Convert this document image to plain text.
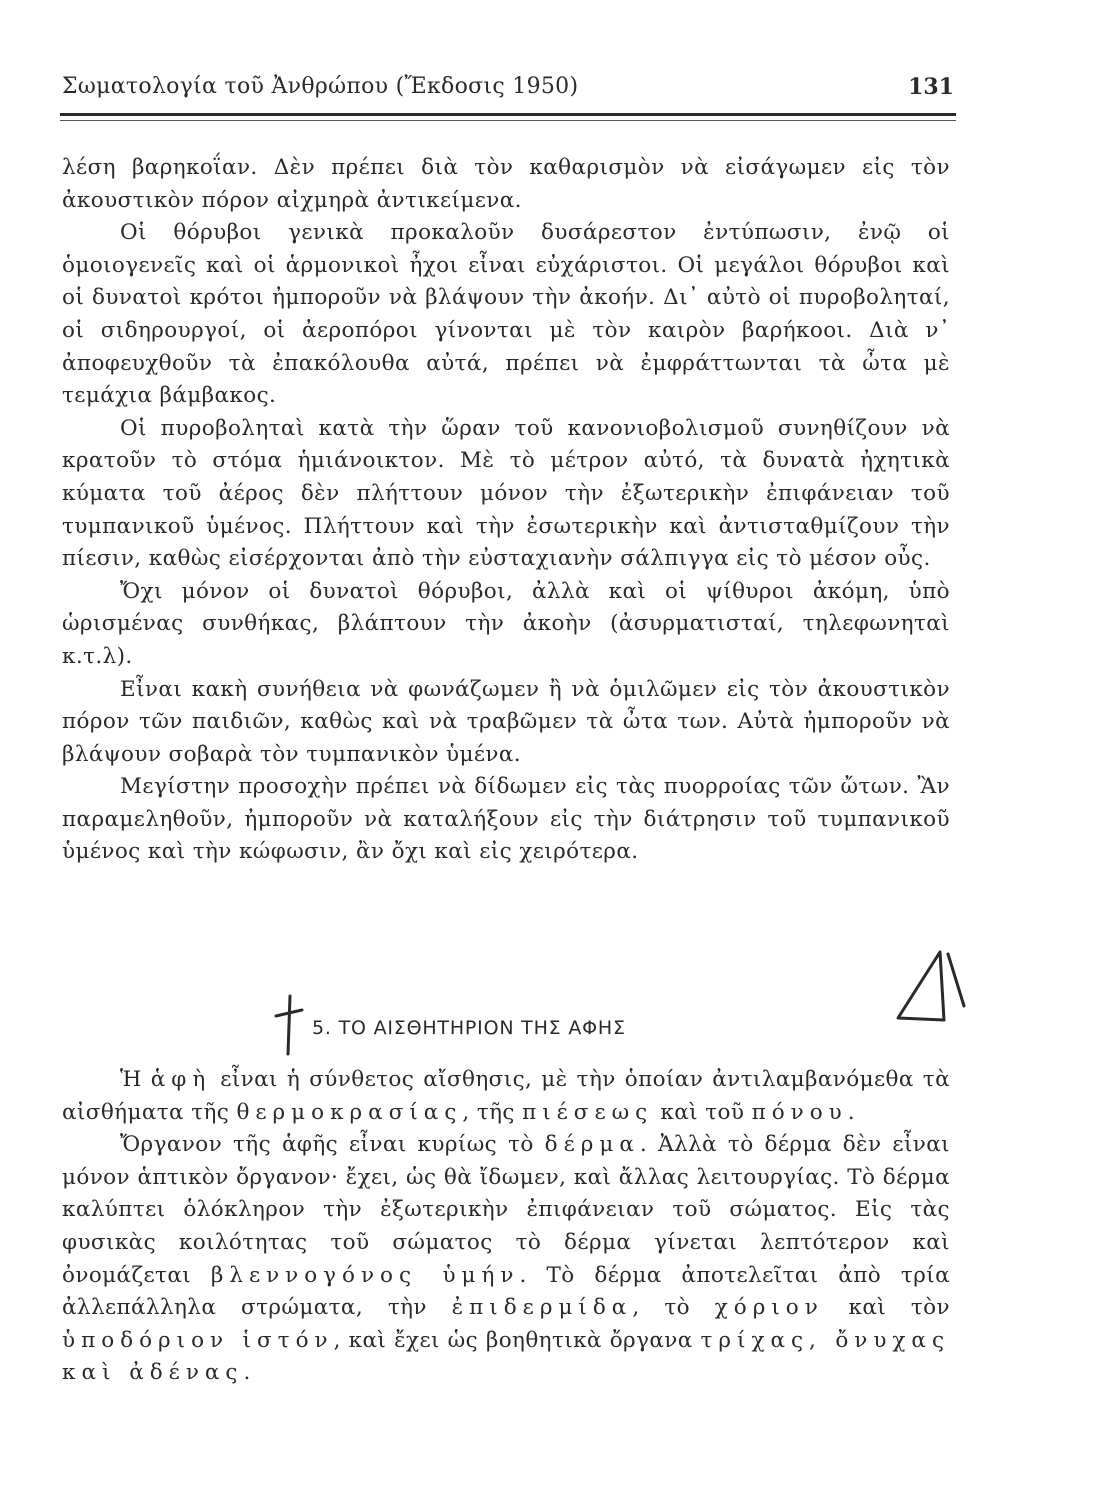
Σωματολογία τοῦ Ἀνθρώπου (Ἔκδοσις 1950)	131

λέση βαρηκοΐαν. Δὲν πρέπει διὰ τὸν καθαρισμὸν νὰ εἰσάγωμεν εἰς τὸν ἀκουστικὸν πόρον αἰχμηρὰ ἀντικείμενα.

Οἱ θόρυβοι γενικὰ προκαλοῦν δυσάρεστον ἐντύπωσιν, ἐνῷ οἱ ὁμοιογενεῖς καὶ οἱ ἁρμονικοὶ ἦχοι εἶναι εὐχάριστοι. Οἱ μεγάλοι θόρυβοι καὶ οἱ δυνατοὶ κρότοι ἠμποροῦν νὰ βλάψουν τὴν ἀκοήν. Δι᾿ αὐτὸ οἱ πυροβοληταί, οἱ σιδηρουργοί, οἱ ἀεροπόροι γίνονται μὲ τὸν καιρὸν βαρήκοοι. Διὰ ν᾿ ἀποφευχθοῦν τὰ ἐπακόλουθα αὐτά, πρέπει νὰ ἐμφράττωνται τὰ ὦτα μὲ τεμάχια βάμβακος.

Οἱ πυροβοληταὶ κατὰ τὴν ὥραν τοῦ κανονιοβολισμοῦ συνηθίζουν νὰ κρατοῦν τὸ στόμα ἡμιάνοικτον. Μὲ τὸ μέτρον αὐτό, τὰ δυνατὰ ἠχητικὰ κύματα τοῦ ἀέρος δὲν πλήττουν μόνον τὴν ἐξωτερικὴν ἐπιφάνειαν τοῦ τυμπανικοῦ ὑμένος. Πλήττουν καὶ τὴν ἐσωτερικὴν καὶ ἀντισταθμίζουν τὴν πίεσιν, καθὼς εἰσέρχονται ἀπὸ τὴν εὐσταχιανὴν σάλπιγγα εἰς τὸ μέσον οὖς.

Ὄχι μόνον οἱ δυνατοὶ θόρυβοι, ἀλλὰ καὶ οἱ ψίθυροι ἀκόμη, ὑπὸ ὡρισμένας συνθήκας, βλάπτουν τὴν ἀκοὴν (ἀσυρματισταί, τηλεφωνηταὶ κ.τ.λ).

Εἶναι κακὴ συνήθεια νὰ φωνάζωμεν ἢ νὰ ὁμιλῶμεν εἰς τὸν ἀκουστικὸν πόρον τῶν παιδιῶν, καθὼς καὶ νὰ τραβῶμεν τὰ ὦτα των. Αὐτὰ ἠμποροῦν νὰ βλάψουν σοβαρὰ τὸν τυμπανικὸν ὑμένα.

Μεγίστην προσοχὴν πρέπει νὰ δίδωμεν εἰς τὰς πυορροίας τῶν ὤτων. Ἂν παραμεληθοῦν, ἠμποροῦν νὰ καταλήξουν εἰς τὴν διάτρησιν τοῦ τυμπανικοῦ ὑμένος καὶ τὴν κώφωσιν, ἂν ὄχι καὶ εἰς χειρότερα.

5. ΤΟ ΑΙΣΘΗΤΗΡΙΟΝ ΤΗΣ ΑΦΗΣ

Ἡ ἁφὴ εἶναι ἡ σύνθετος αἴσθησις, μὲ τὴν ὁποίαν ἀντιλαμβανόμεθα τὰ αἰσθήματα τῆς θερμοκρασίας, τῆς πιέσεως καὶ τοῦ πόνου.

Ὄργανον τῆς ἁφῆς εἶναι κυρίως τὸ δέρμα. Ἀλλὰ τὸ δέρμα δὲν εἶναι μόνον ἁπτικὸν ὄργανον· ἔχει, ὡς θὰ ἴδωμεν, καὶ ἄλλας λειτουργίας. Τὸ δέρμα καλύπτει ὁλόκληρον τὴν ἐξωτερικὴν ἐπιφάνειαν τοῦ σώματος. Εἰς τὰς φυσικὰς κοιλότητας τοῦ σώματος τὸ δέρμα γίνεται λεπτότερον καὶ ὀνομάζεται βλεννογόνος ὑμήν. Τὸ δέρμα ἀποτελεῖται ἀπὸ τρία ἀλλεπάλληλα στρώματα, τὴν ἐπιδερμίδα, τὸ χόριον καὶ τὸν ὑποδόριον ἱστόν, καὶ ἔχει ὡς βοηθητικὰ ὄργανα τρίχας, ὄνυχας καὶ ἀδένας.
